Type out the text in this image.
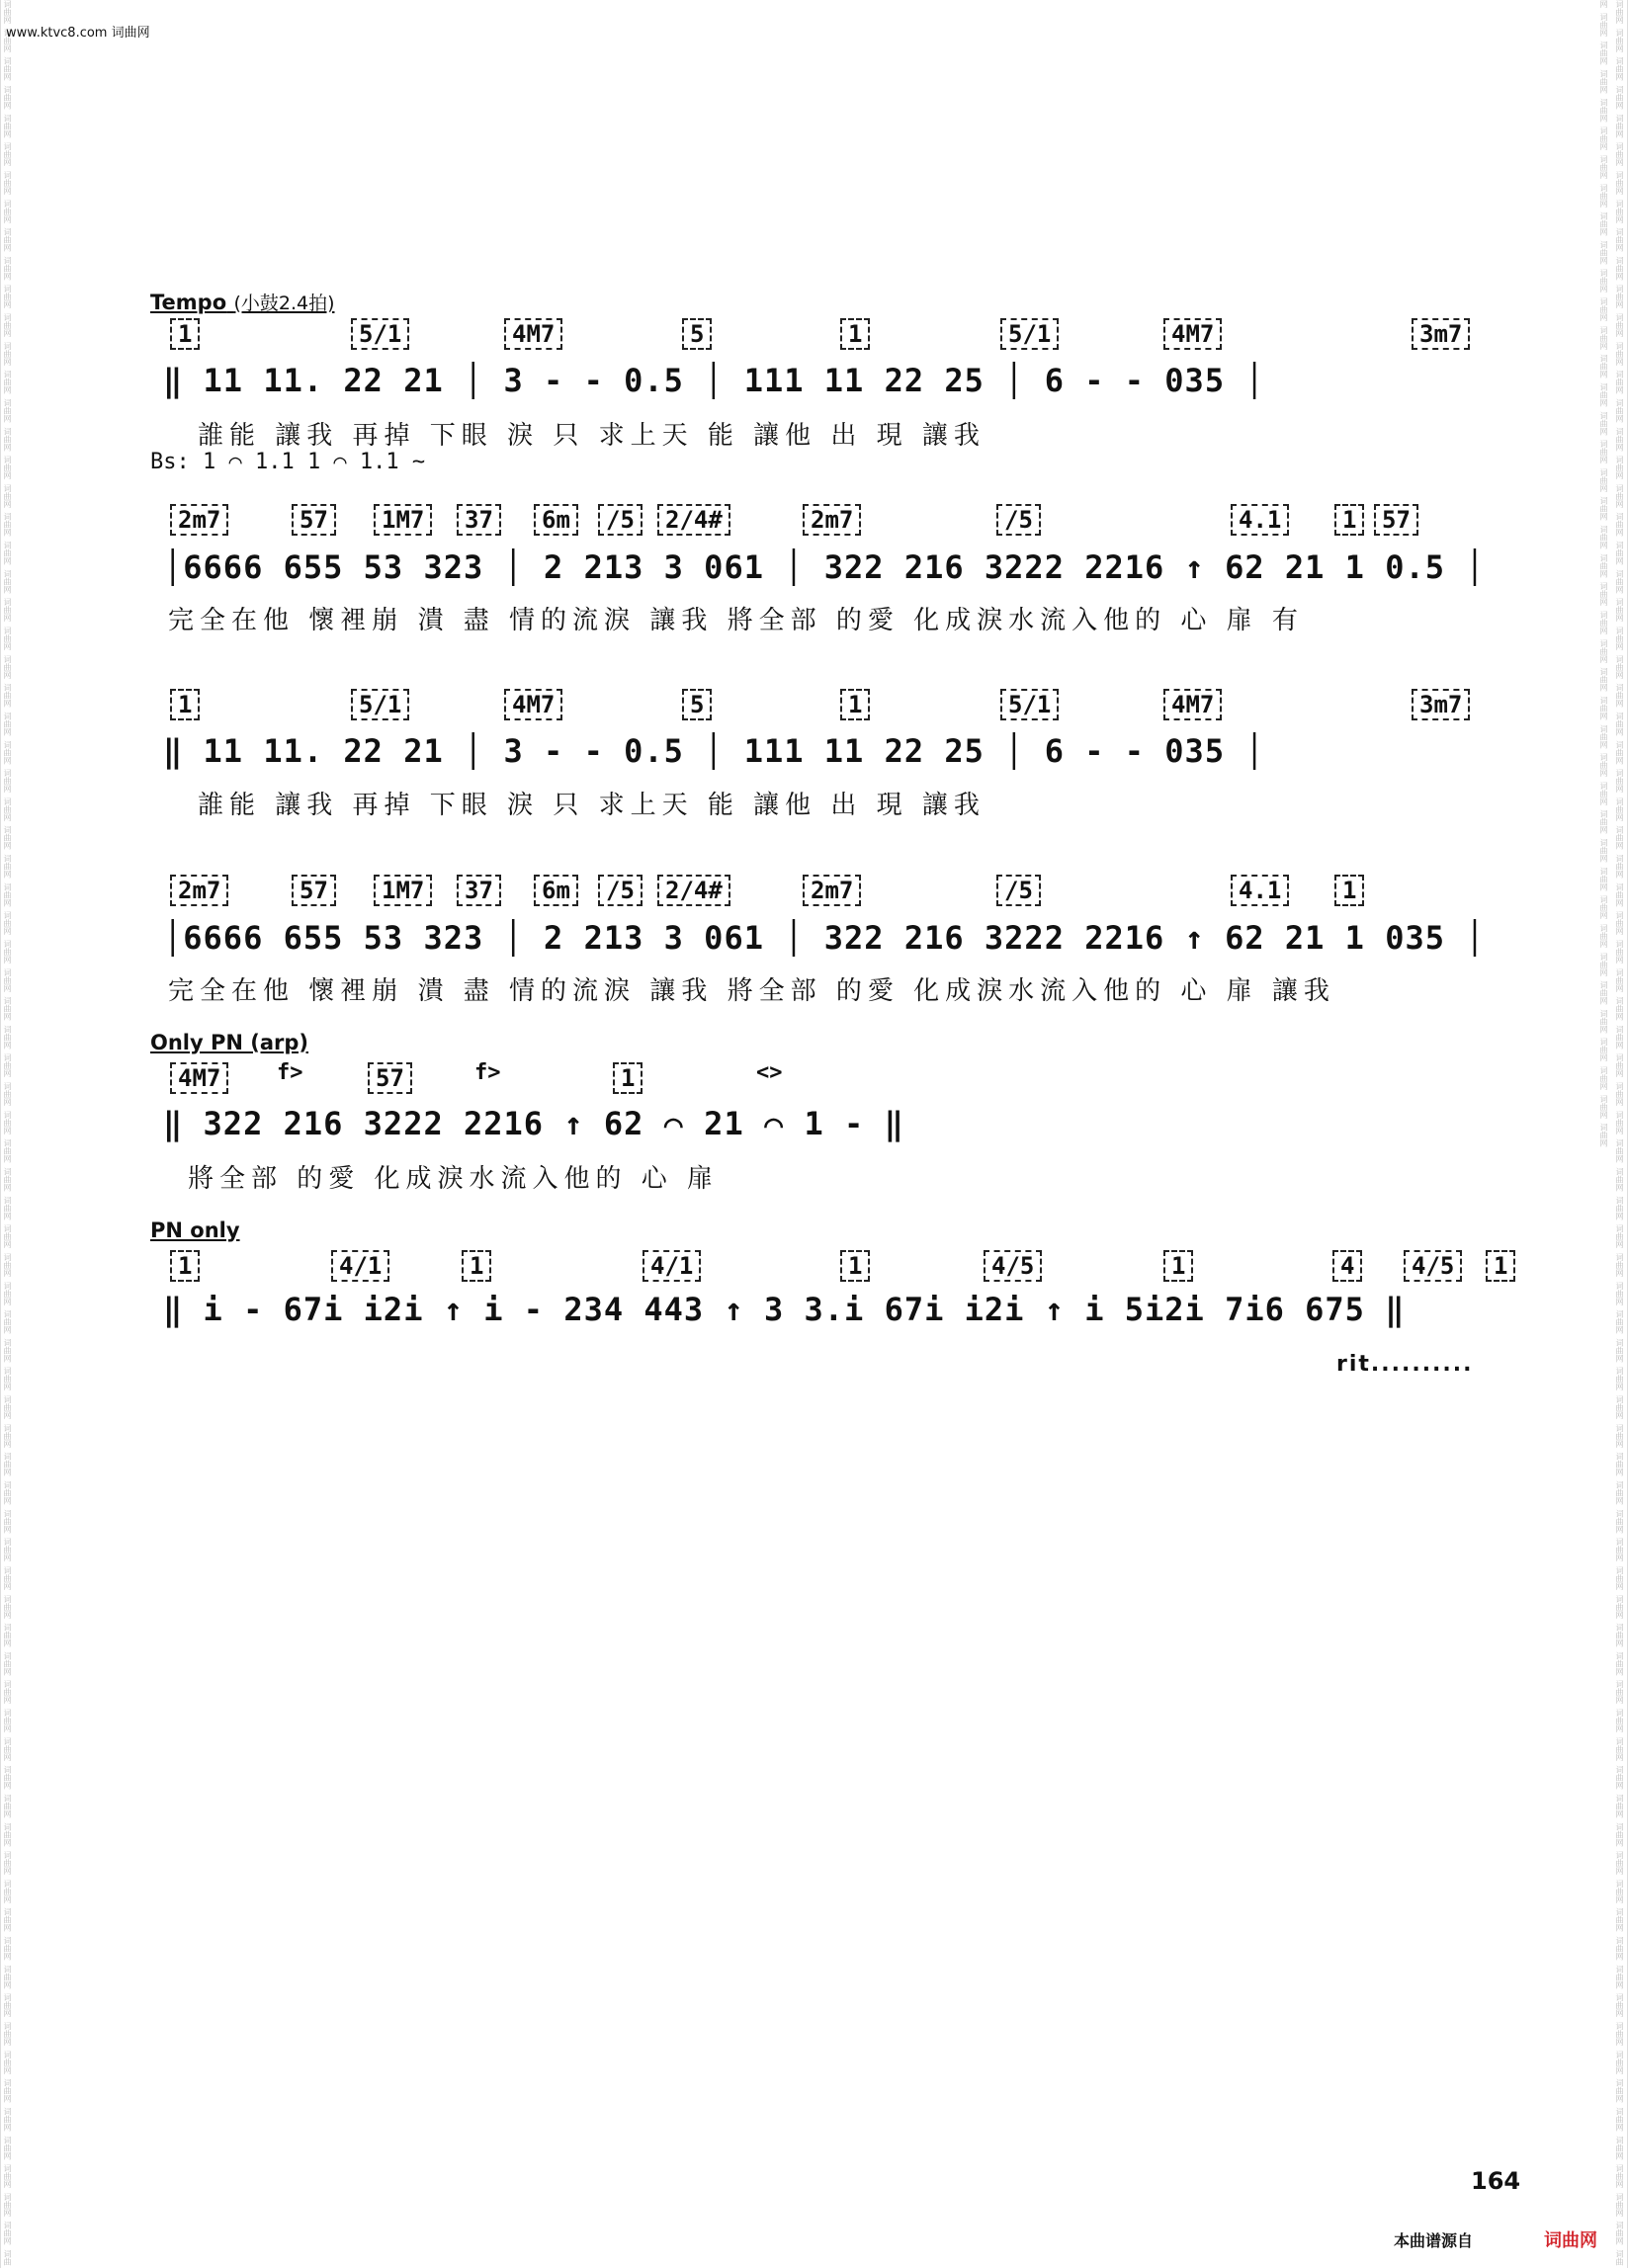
词曲网 词曲网 词曲网 词曲网 词曲网 词曲网 词曲网 词曲网 词曲网 词曲网 词曲网 词曲网 词曲网 词曲网 词曲网 词曲网 词曲网 词曲网 词曲网 词曲网 词曲网 词曲网 词曲网 词曲网 词曲网 词曲网 词曲网 词曲网 词曲网 词曲网 词曲网 词曲网 词曲网 词曲网 词曲网 词曲网 词曲网 词曲网 词曲网 词曲网 词曲网 词曲网 词曲网 词曲网 词曲网 词曲网 词曲网 词曲网 词曲网 词曲网 词曲网 词曲网 词曲网 词曲网 词曲网 词曲网 词曲网 词曲网 词曲网 词曲网 词曲网 词曲网 词曲网 词曲网 词曲网 词曲网 词曲网 词曲网 词曲网 词曲网 词曲网 词曲网 词曲网 词曲网 词曲网 词曲网 词曲网 词曲网 词曲网 词曲	词曲网 词曲网 词曲网 词曲网 词曲网 词曲网 词曲网 词曲网 词曲网 词曲网 词曲网 词曲网 词曲网 词曲网 词曲网 词曲网 词曲网 词曲网 词曲网 词曲网 词曲网 词曲网 词曲网 词曲网 词曲网 词曲网 词曲网 词曲网 词曲网 词曲网 词曲网 词曲网 词曲网 词曲网 词曲网 词曲网 词曲网 词曲网 词曲网 词曲网 词曲网 词曲网 词曲网 词曲网 词曲网 词曲网 词曲网 词曲网 词曲网 词曲网 词曲网 词曲网 词曲网 词曲网 词曲网 词曲网 词曲网 词曲网 词曲网 词曲网 词曲网 词曲网 词曲网 词曲网 词曲网 词曲网 词曲网 词曲网 词曲网 词曲网 词曲网 词曲网 词曲网 词曲网 词曲网 词曲网 词曲网 词曲网 词曲网 词曲网 词曲网 词曲网 词曲网 词曲网 词曲网 词曲网 词曲网 词曲网 词曲网 词曲网 词曲网 词曲网 词曲网 词曲网 词曲网 词曲网 词曲网 词曲网 词曲网 词曲网 词曲网 词曲网 词曲网 词曲网 词曲网 词曲网 词曲网 词曲网 词曲网 词曲网 词曲网 词曲网 词曲网 词曲网 词曲网 词曲网 词曲网 词曲网 词曲网 词曲网
www.ktvc8.com 词曲网
Tempo (小鼓2.4拍)
1	5/1	4M7	5	1	5/1	4M7	3m7
‖ 11 11. 22 21 │ 3 - - 0.5 │ 111 11 22 25 │ 6 - - 035 │
誰能 讓我 再掉 下眼 淚 只 求上天 能 讓他 出 現 讓我
Bs: 1 ⌒ 1.1 1 ⌒ 1.1 ~
2m7	57	1M7	37	6m	/5	2/4#	2m7	/5	4.1	1	57
│6666 655 53 323 │ 2 213 3 061 │ 322 216 3222 2216 ↑ 62 21 1 0.5 │
完全在他 懷裡崩 潰 盡 情的流淚 讓我 將全部 的愛 化成淚水流入他的 心 扉 有
1	5/1	4M7	5	1	5/1	4M7	3m7
‖ 11 11. 22 21 │ 3 - - 0.5 │ 111 11 22 25 │ 6 - - 035 │
誰能 讓我 再掉 下眼 淚 只 求上天 能 讓他 出 現 讓我
2m7	57	1M7	37	6m	/5	2/4#	2m7	/5	4.1	1
│6666 655 53 323 │ 2 213 3 061 │ 322 216 3222 2216 ↑ 62 21 1 035 │
完全在他 懷裡崩 潰 盡 情的流淚 讓我 將全部 的愛 化成淚水流入他的 心 扉 讓我
Only PN (arp)
4M7	f>	57	f>	1	<>
‖ 322 216 3222 2216 ↑ 62 ⌒ 21 ⌒ 1 - ‖
將全部 的愛 化成淚水流入他的 心 扉
PN only
1	4/1	1	4/1	1	4/5	1	4	4/5	1
‖ i - 67i i2i ↑ i - 234 443 ↑ 3 3.i 67i i2i ↑ i 5i2i 7i6 675 ‖
rit..........
164
本曲谱源自	词曲网
